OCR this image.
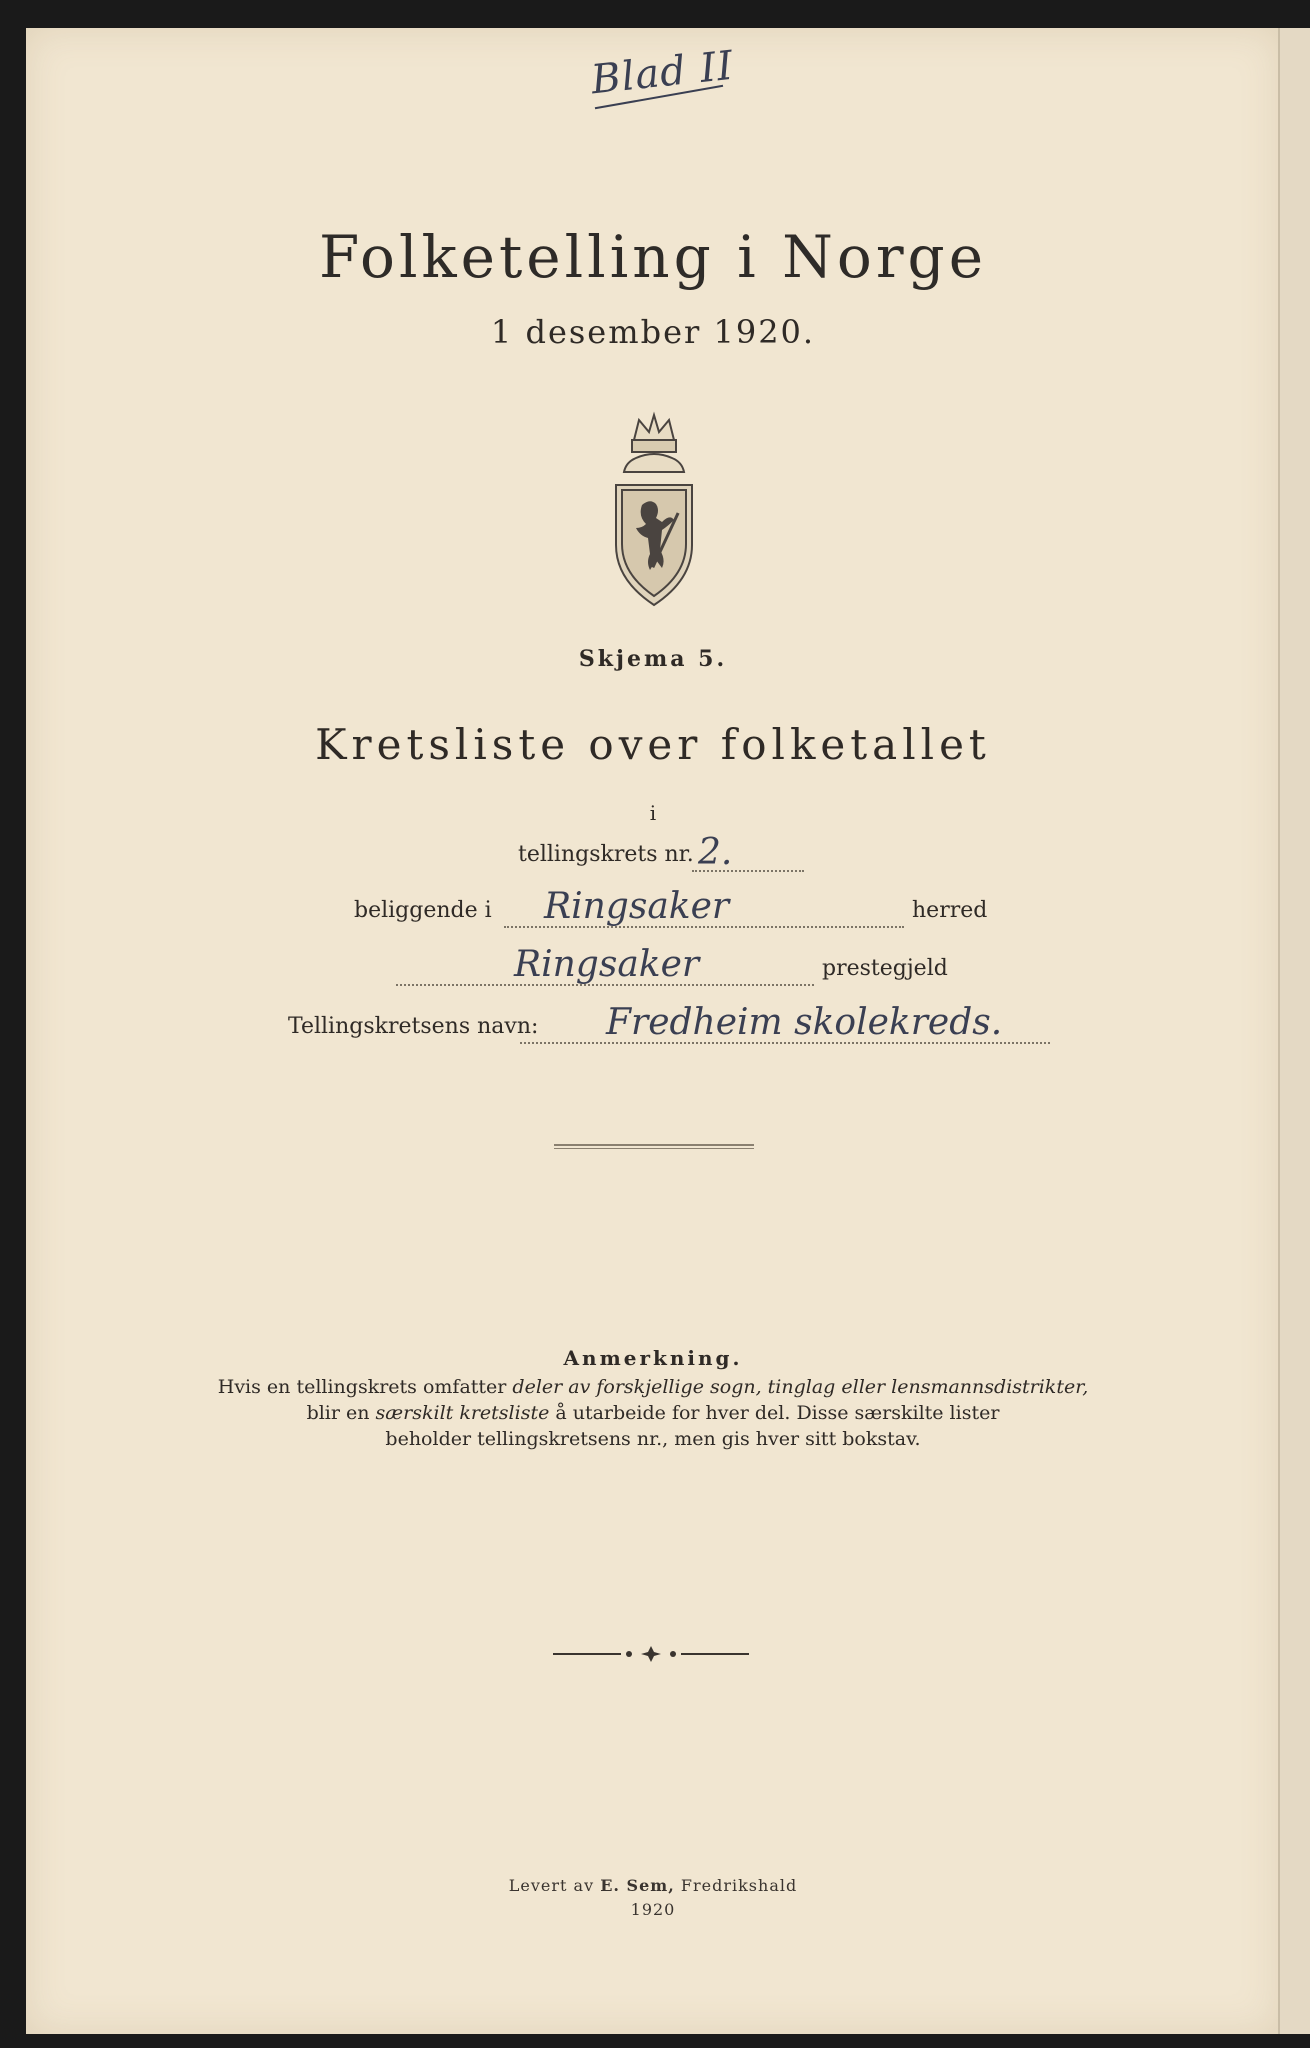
Blad II
Folketelling i Norge
1 desember 1920.
Skjema 5.
Kretsliste over folketallet
i
tellingskrets nr. 2.
beliggende i Ringsaker	herred
Ringsaker	prestegjeld
Tellingskretsens navn: Fredheim skolekreds.
Anmerkning.
Hvis en tellingskrets omfatter deler av forskjellige sogn, tinglag eller lensmannsdistrikter,
blir en særskilt kretsliste å utarbeide for hver del. Disse særskilte lister
beholder tellingskretsens nr., men gis hver sitt bokstav.
Levert av E. Sem, Fredrikshald
1920
